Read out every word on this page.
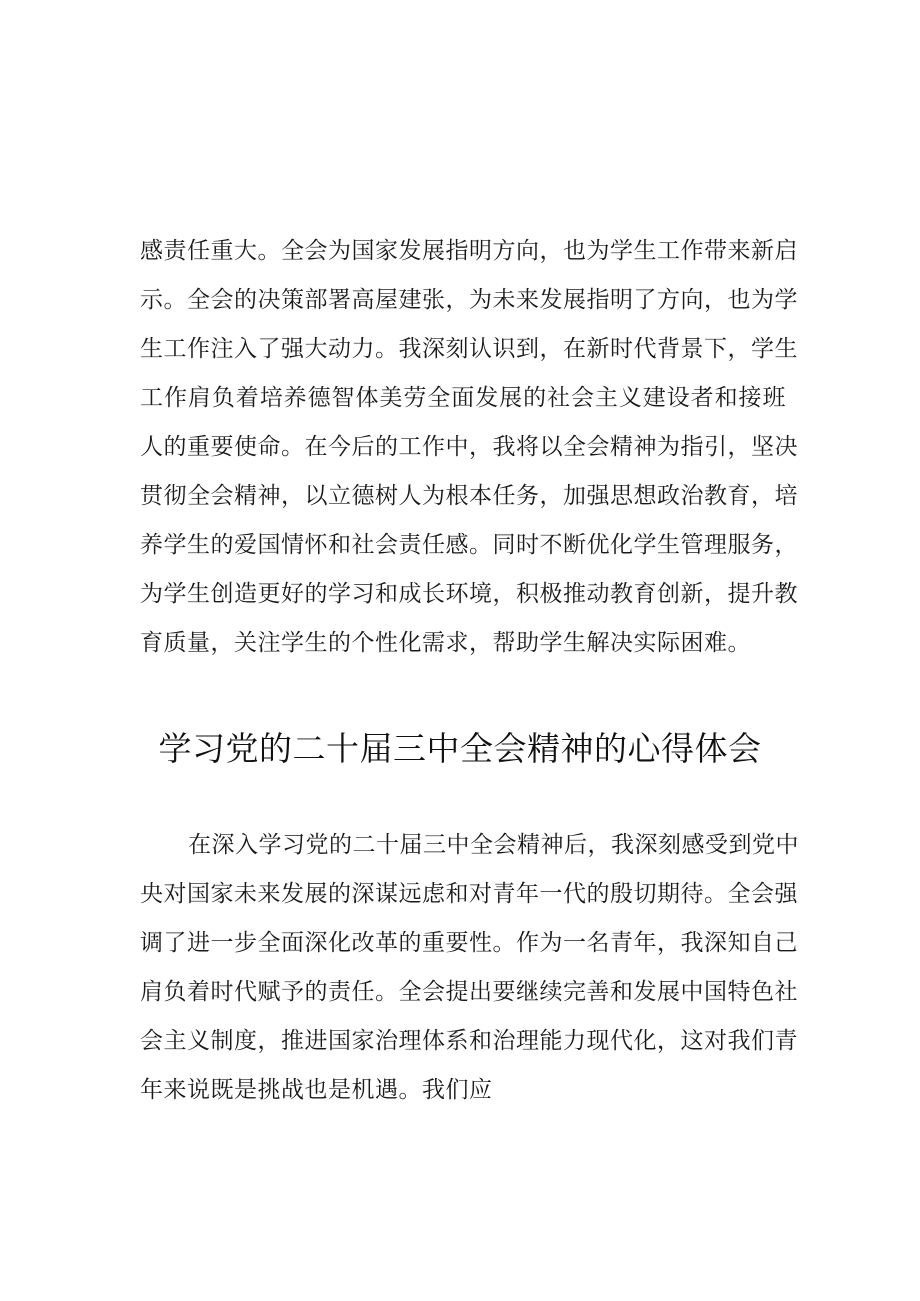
感责任重大。全会为国家发展指明方向，也为学生工作带来新启
示。全会的决策部署高屋建张，为未来发展指明了方向，也为学
生工作注入了强大动力。我深刻认识到，在新时代背景下，学生
工作肩负着培养德智体美劳全面发展的社会主义建设者和接班
人的重要使命。在今后的工作中，我将以全会精神为指引，坚决
贯彻全会精神，以立德树人为根本任务，加强思想政治教育，培
养学生的爱国情怀和社会责任感。同时不断优化学生管理服务，
为学生创造更好的学习和成长环境，积极推动教育创新，提升教
育质量，关注学生的个性化需求，帮助学生解决实际困难。
学习党的二十届三中全会精神的心得体会
在深入学习党的二十届三中全会精神后，我深刻感受到党中
央对国家未来发展的深谋远虑和对青年一代的殷切期待。全会强
调了进一步全面深化改革的重要性。作为一名青年，我深知自己
肩负着时代赋予的责任。全会提出要继续完善和发展中国特色社
会主义制度，推进国家治理体系和治理能力现代化，这对我们青
年来说既是挑战也是机遇。我们应
